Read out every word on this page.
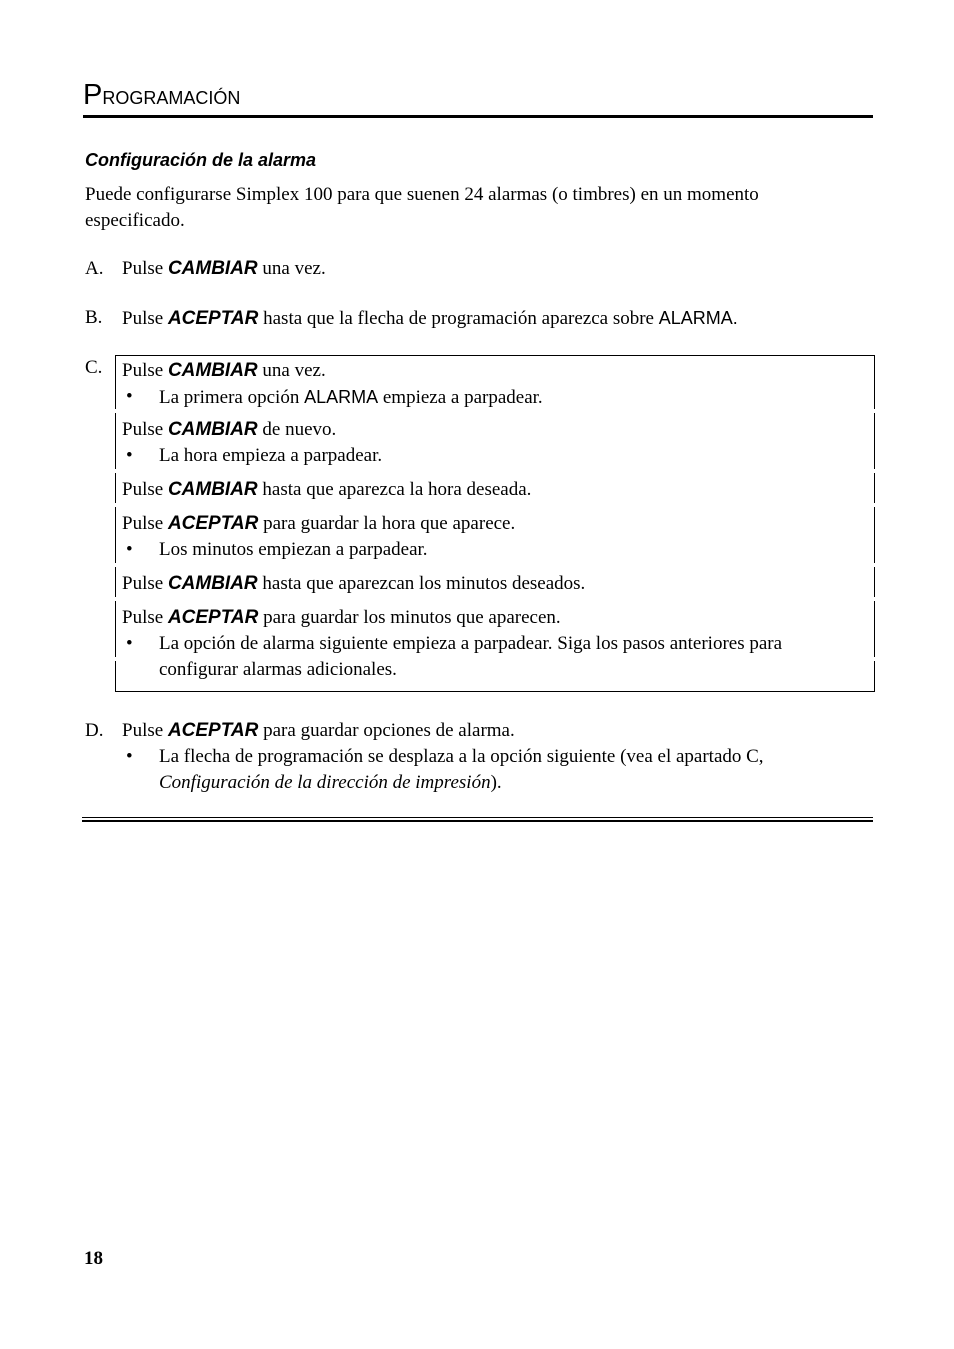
PROGRAMACIÓN
Configuración de la alarma
Puede configurarse Simplex 100 para que suenen 24 alarmas (o timbres) en un momento especificado.
A. Pulse CAMBIAR una vez.
B. Pulse ACEPTAR hasta que la flecha de programación aparezca sobre ALARMA.
C. Pulse CAMBIAR una vez.
• La primera opción ALARMA empieza a parpadear.
Pulse CAMBIAR de nuevo.
• La hora empieza a parpadear.
Pulse CAMBIAR hasta que aparezca la hora deseada.
Pulse ACEPTAR para guardar la hora que aparece.
• Los minutos empiezan a parpadear.
Pulse CAMBIAR hasta que aparezcan los minutos deseados.
Pulse ACEPTAR para guardar los minutos que aparecen.
• La opción de alarma siguiente empieza a parpadear. Siga los pasos anteriores para
configurar alarmas adicionales.
D. Pulse ACEPTAR para guardar opciones de alarma.
• La flecha de programación se desplaza a la opción siguiente (vea el apartado C,
Configuración de la dirección de impresión).
18
